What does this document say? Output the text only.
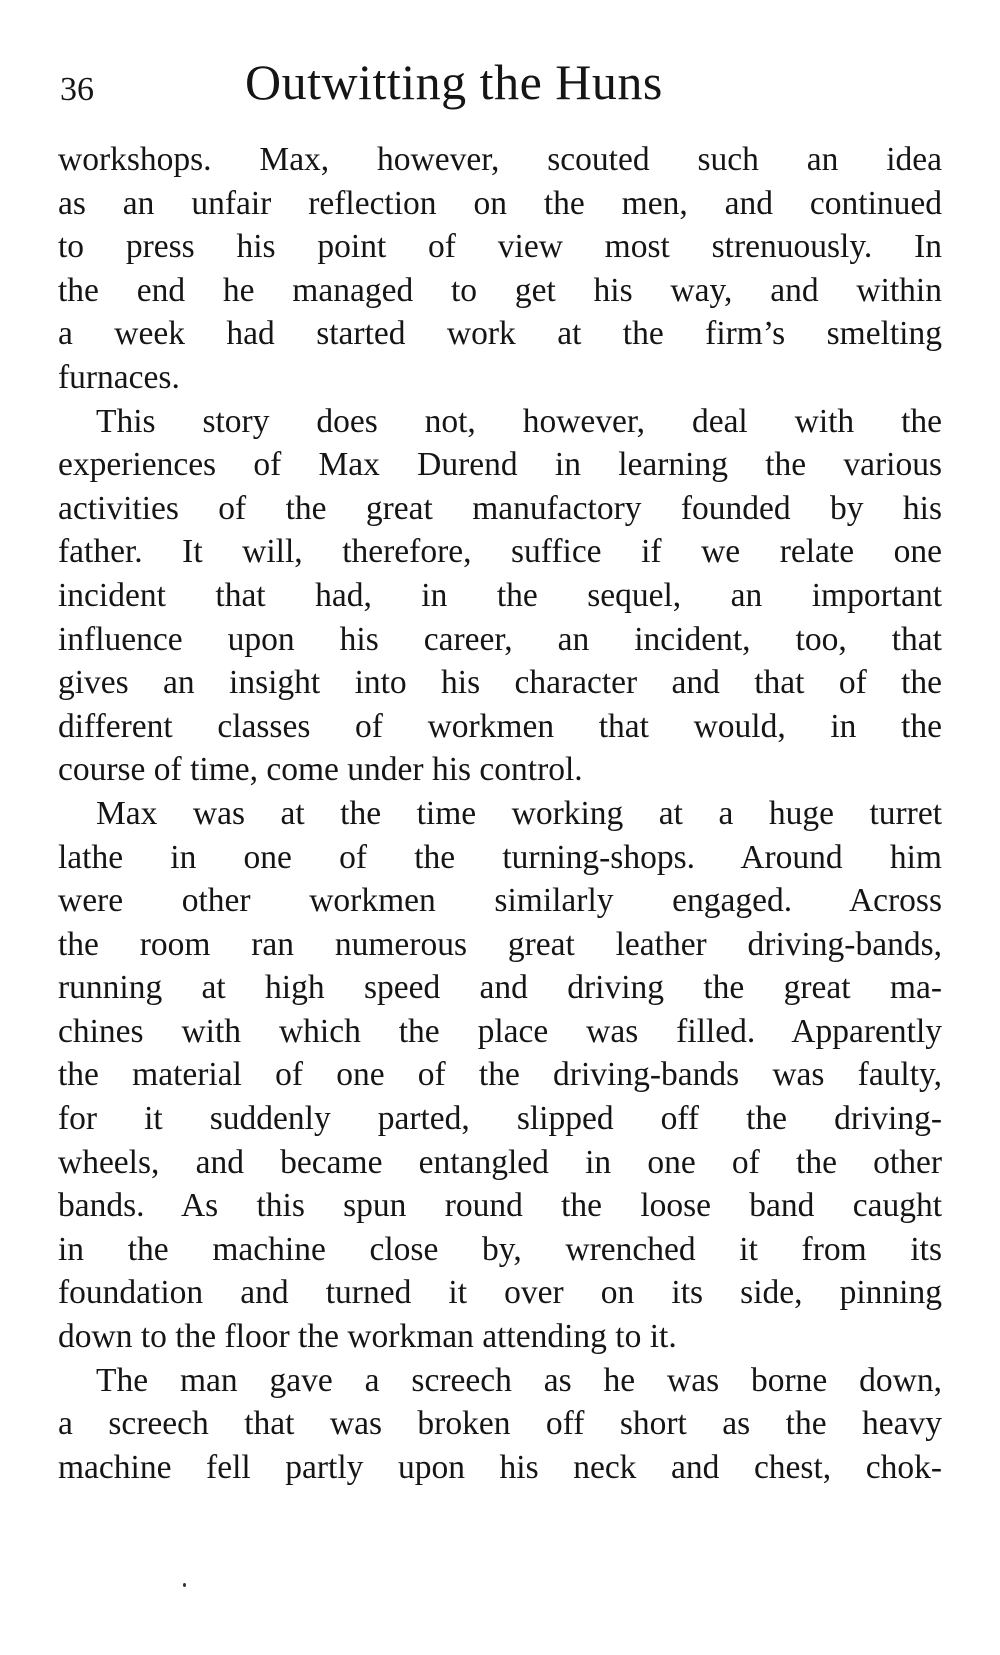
36	Outwitting the Huns
workshops. Max, however, scouted such an idea
as an unfair reflection on the men, and continued
to press his point of view most strenuously. In
the end he managed to get his way, and within
a week had started work at the firm’s smelting
furnaces.
This story does not, however, deal with the
experiences of Max Durend in learning the various
activities of the great manufactory founded by his
father. It will, therefore, suffice if we relate one
incident that had, in the sequel, an important
influence upon his career, an incident, too, that
gives an insight into his character and that of the
different classes of workmen that would, in the
course of time, come under his control.
Max was at the time working at a huge turret
lathe in one of the turning-shops. Around him
were other workmen similarly engaged. Across
the room ran numerous great leather driving-bands,
running at high speed and driving the great ma-
chines with which the place was filled. Apparently
the material of one of the driving-bands was faulty,
for it suddenly parted, slipped off the driving-
wheels, and became entangled in one of the other
bands. As this spun round the loose band caught
in the machine close by, wrenched it from its
foundation and turned it over on its side, pinning
down to the floor the workman attending to it.
The man gave a screech as he was borne down,
a screech that was broken off short as the heavy
machine fell partly upon his neck and chest, chok-
